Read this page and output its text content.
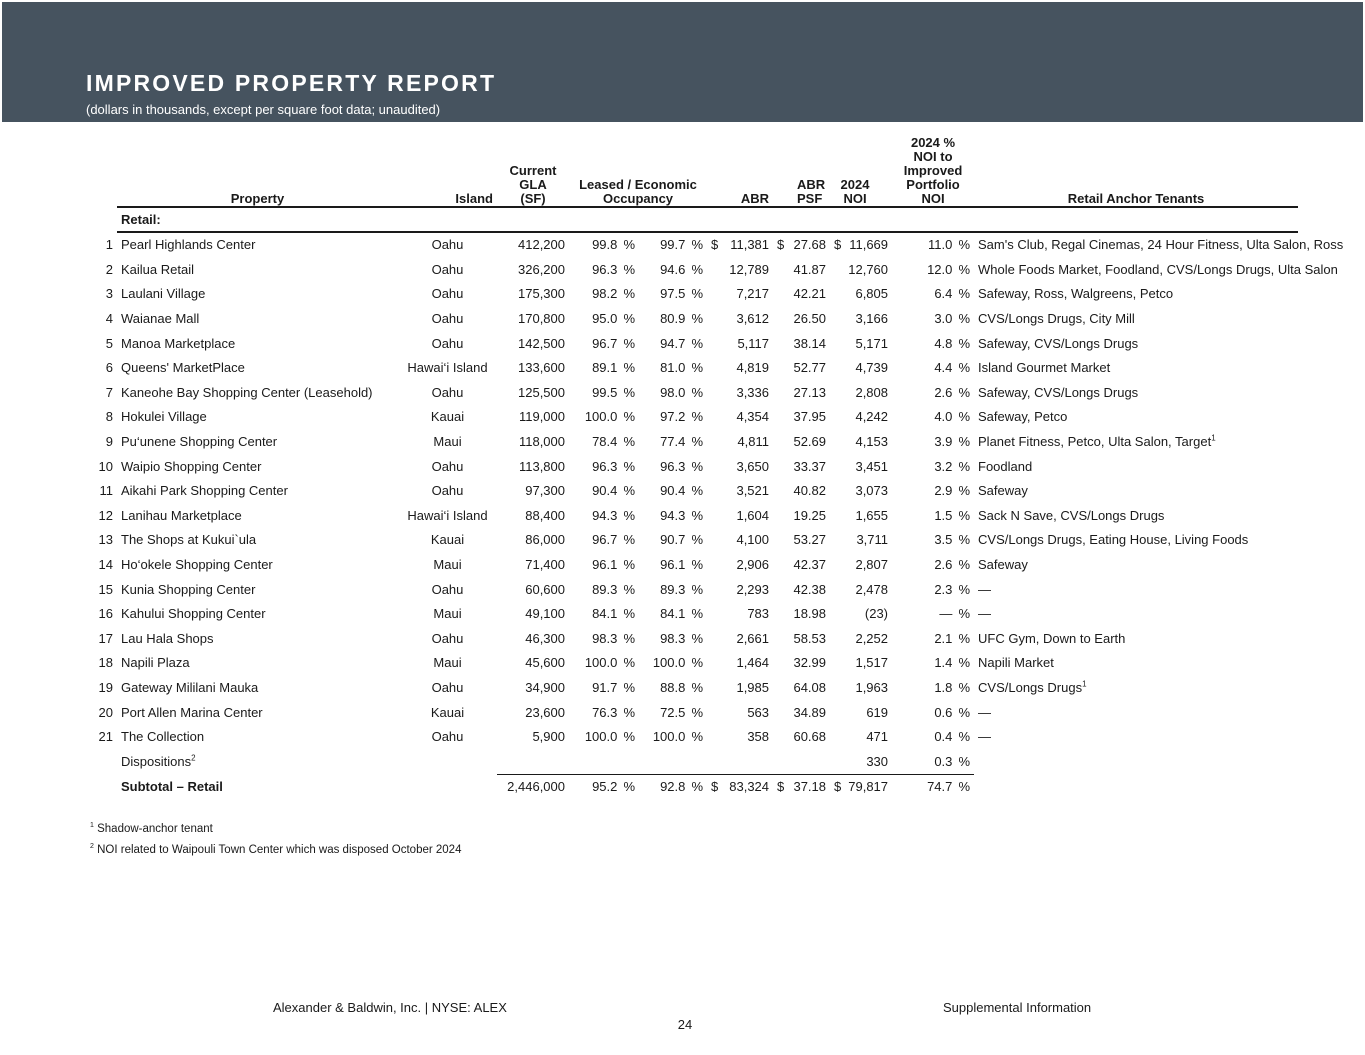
IMPROVED PROPERTY REPORT
(dollars in thousands, except per square foot data; unaudited)
	Property	Island	Current GLA (SF)	Leased / Economic Occupancy		ABR		ABR PSF		2024 NOI		2024 % NOI to Improved Portfolio NOI	Retail Anchor Tenants
	Retail:												
1	Pearl Highlands Center	Oahu	412,200	99.8 %	99.7 %	$	11,381	$	27.68	$	11,669	11.0 %	Sam's Club, Regal Cinemas, 24 Hour Fitness, Ulta Salon, Ross
2	Kailua Retail	Oahu	326,200	96.3 %	94.6 %		12,789		41.87		12,760	12.0 %	Whole Foods Market, Foodland, CVS/Longs Drugs, Ulta Salon
3	Laulani Village	Oahu	175,300	98.2 %	97.5 %		7,217		42.21		6,805	6.4 %	Safeway, Ross, Walgreens, Petco
4	Waianae Mall	Oahu	170,800	95.0 %	80.9 %		3,612		26.50		3,166	3.0 %	CVS/Longs Drugs, City Mill
5	Manoa Marketplace	Oahu	142,500	96.7 %	94.7 %		5,117		38.14		5,171	4.8 %	Safeway, CVS/Longs Drugs
6	Queens' MarketPlace	Hawai‘i Island	133,600	89.1 %	81.0 %		4,819		52.77		4,739	4.4 %	Island Gourmet Market
7	Kaneohe Bay Shopping Center (Leasehold)	Oahu	125,500	99.5 %	98.0 %		3,336		27.13		2,808	2.6 %	Safeway, CVS/Longs Drugs
8	Hokulei Village	Kauai	119,000	100.0 %	97.2 %		4,354		37.95		4,242	4.0 %	Safeway, Petco
9	Pu‘unene Shopping Center	Maui	118,000	78.4 %	77.4 %		4,811		52.69		4,153	3.9 %	Planet Fitness, Petco, Ulta Salon, Target$^1$
10	Waipio Shopping Center	Oahu	113,800	96.3 %	96.3 %		3,650		33.37		3,451	3.2 %	Foodland
11	Aikahi Park Shopping Center	Oahu	97,300	90.4 %	90.4 %		3,521		40.82		3,073	2.9 %	Safeway
12	Lanihau Marketplace	Hawai‘i Island	88,400	94.3 %	94.3 %		1,604		19.25		1,655	1.5 %	Sack N Save, CVS/Longs Drugs
13	The Shops at Kukui`ula	Kauai	86,000	96.7 %	90.7 %		4,100		53.27		3,711	3.5 %	CVS/Longs Drugs, Eating House, Living Foods
14	Ho‘okele Shopping Center	Maui	71,400	96.1 %	96.1 %		2,906		42.37		2,807	2.6 %	Safeway
15	Kunia Shopping Center	Oahu	60,600	89.3 %	89.3 %		2,293		42.38		2,478	2.3 %	—
16	Kahului Shopping Center	Maui	49,100	84.1 %	84.1 %		783		18.98		(23)	— %	—
17	Lau Hala Shops	Oahu	46,300	98.3 %	98.3 %		2,661		58.53		2,252	2.1 %	UFC Gym, Down to Earth
18	Napili Plaza	Maui	45,600	100.0 %	100.0 %		1,464		32.99		1,517	1.4 %	Napili Market
19	Gateway Mililani Mauka	Oahu	34,900	91.7 %	88.8 %		1,985		64.08		1,963	1.8 %	CVS/Longs Drugs$^1$
20	Port Allen Marina Center	Kauai	23,600	76.3 %	72.5 %		563		34.89		619	0.6 %	—
21	The Collection	Oahu	5,900	100.0 %	100.0 %		358		60.68		471	0.4 %	—
	Dispositions$^2$										330	0.3 %	
	Subtotal – Retail		2,446,000	95.2 %	92.8 %	$	83,324	$	37.18	$	79,817	74.7 %	
$^1$ Shadow-anchor tenant
$^2$ NOI related to Waipouli Town Center which was disposed October 2024
Alexander & Baldwin, Inc. | NYSE: ALEX	Supplemental Information
24
